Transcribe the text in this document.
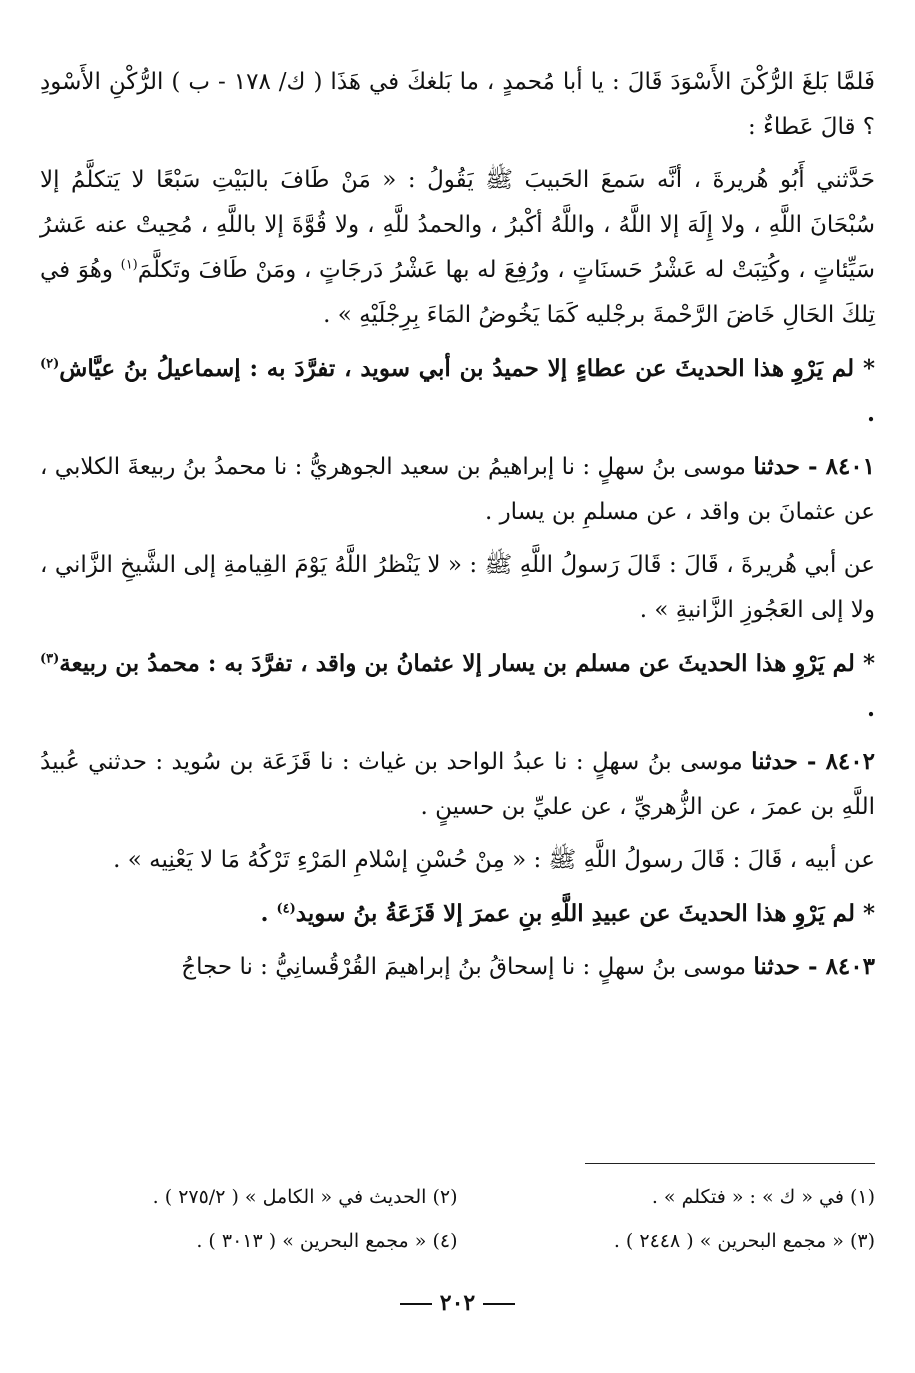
فَلمَّا بَلغَ الرُّكْنَ الأَسْوَدَ قَالَ : يا أبا مُحمدٍ ، ما بَلغكَ في هَذَا ( ك/ ١٧٨ - ب ) الرُّكْنِ الأَسْودِ ؟ قالَ عَطاءٌ :

حَدَّثني أَبُو هُريرةَ ، أنَّه سَمعَ الحَبيبَ ﷺ يَقُولُ : « مَنْ طَافَ بالبَيْتِ سَبْعًا لا يَتكلَّمُ إلا سُبْحَانَ اللَّهِ ، ولا إِلَهَ إلا اللَّهُ ، واللَّهُ أكْبرُ ، والحمدُ للَّهِ ، ولا قُوَّةَ إلا باللَّهِ ، مُحِيتْ عنه عَشرُ سَيِّئاتٍ ، وكُتِبَتْ له عَشْرُ حَسنَاتٍ ، ورُفِعَ له بها عَشْرُ دَرجَاتٍ ، ومَنْ طَافَ وتَكلَّمَ$^{(١)}$ وهُوَ في تِلكَ الحَالِ خَاضَ الرَّحْمةَ برجْليه كَمَا يَخُوضُ المَاءَ بِرِجْلَيْهِ » .

* لم يَرْوِ هذا الحديثَ عن عطاءٍ إلا حميدُ بن أبي سويد ، تفرَّدَ به : إسماعيلُ بنُ عيَّاش$^{(٢)}$ .

٨٤٠١ - حدثنا موسى بنُ سهلٍ : نا إبراهيمُ بن سعيد الجوهريُّ : نا محمدُ بنُ ربيعةَ الكلابي ، عن عثمانَ بن واقد ، عن مسلمِ بن يسار .

عن أبي هُريرةَ ، قَالَ : قَالَ رَسولُ اللَّهِ ﷺ : « لا يَنْظرُ اللَّهُ يَوْمَ القِيامةِ إلى الشَّيخِ الزَّاني ، ولا إلى العَجُوزِ الزَّانيةِ » .

* لم يَرْوِ هذا الحديثَ عن مسلم بن يسار إلا عثمانُ بن واقد ، تفرَّدَ به : محمدُ بن ربيعة$^{(٣)}$ .

٨٤٠٢ - حدثنا موسى بنُ سهلٍ : نا عبدُ الواحد بن غياث : نا قَزَعَة بن سُويد : حدثني عُبيدُ اللَّهِ بن عمرَ ، عن الزُّهريِّ ، عن عليِّ بن حسينٍ .

عن أبيه ، قَالَ : قَالَ رسولُ اللَّهِ ﷺ : « مِنْ حُسْنِ إسْلامِ المَرْءِ تَرْكُهُ مَا لا يَعْنِيه » .

* لم يَرْوِ هذا الحديثَ عن عبيدِ اللَّهِ بنِ عمرَ إلا قَزَعَةُ بنُ سويد$^{(٤)}$ .

٨٤٠٣ - حدثنا موسى بنُ سهلٍ : نا إسحاقُ بنُ إبراهيمَ القُرْقُسانِيُّ : نا حجاجُ

(١) في « ك » : « فتكلم » .
(٢) الحديث في « الكامل » ( ٢٧٥/٢ ) .
(٣) « مجمع البحرين » ( ٢٤٤٨ ) .
(٤) « مجمع البحرين » ( ٣٠١٣ ) .
٢٠٢
